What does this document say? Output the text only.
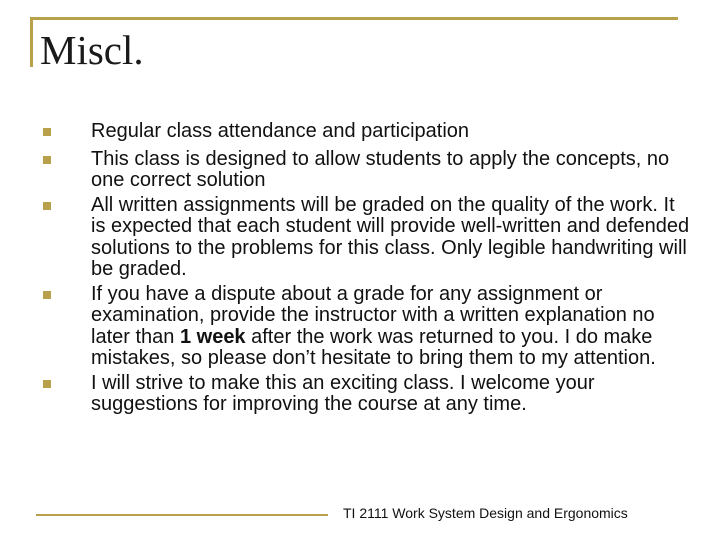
Miscl.
Regular class attendance and participation
This class is designed to allow students to apply the concepts, no one correct solution
All written assignments will be graded on the quality of the work. It is expected that each student will provide well-written and defended solutions to the problems for this class. Only legible handwriting will be graded.
If you have a dispute about a grade for any assignment or examination, provide the instructor with a written explanation no later than 1 week after the work was returned to you. I do make mistakes, so please don’t hesitate to bring them to my attention.
I will strive to make this an exciting class. I welcome your suggestions for improving the course at any time.
TI 2111 Work System Design and Ergonomics
